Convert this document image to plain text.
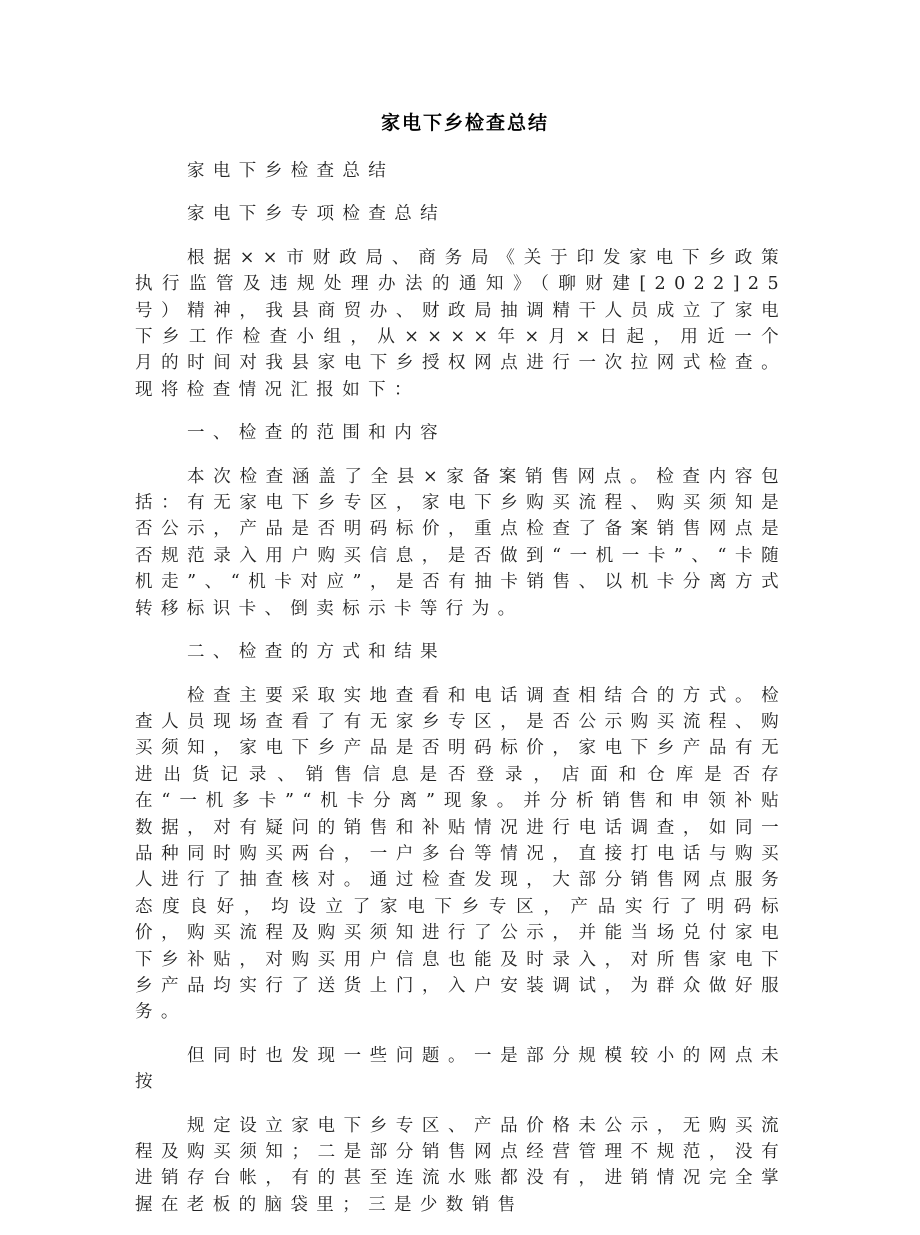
家电下乡检查总结

家电下乡检查总结

家电下乡专项检查总结

根据××市财政局、商务局《关于印发家电下乡政策执行监管及违规处理办法的通知》（聊财建[2022]25号）精神，我县商贸办、财政局抽调精干人员成立了家电下乡工作检查小组，从××××年×月×日起，用近一个月的时间对我县家电下乡授权网点进行一次拉网式检查。现将检查情况汇报如下：

一、检查的范围和内容

本次检查涵盖了全县×家备案销售网点。检查内容包括：有无家电下乡专区，家电下乡购买流程、购买须知是否公示，产品是否明码标价，重点检查了备案销售网点是否规范录入用户购买信息，是否做到“一机一卡”、“卡随机走”、“机卡对应”，是否有抽卡销售、以机卡分离方式转移标识卡、倒卖标示卡等行为。

二、检查的方式和结果

检查主要采取实地查看和电话调查相结合的方式。检查人员现场查看了有无家乡专区，是否公示购买流程、购买须知，家电下乡产品是否明码标价，家电下乡产品有无进出货记录、销售信息是否登录，店面和仓库是否存在“一机多卡”“机卡分离”现象。并分析销售和申领补贴数据，对有疑问的销售和补贴情况进行电话调查，如同一品种同时购买两台，一户多台等情况，直接打电话与购买人进行了抽查核对。通过检查发现，大部分销售网点服务态度良好，均设立了家电下乡专区，产品实行了明码标价，购买流程及购买须知进行了公示，并能当场兑付家电下乡补贴，对购买用户信息也能及时录入，对所售家电下乡产品均实行了送货上门，入户安装调试，为群众做好服务。

但同时也发现一些问题。一是部分规模较小的网点未按

规定设立家电下乡专区、产品价格未公示，无购买流程及购买须知；二是部分销售网点经营管理不规范，没有进销存台帐，有的甚至连流水账都没有，进销情况完全掌握在老板的脑袋里；三是少数销售
